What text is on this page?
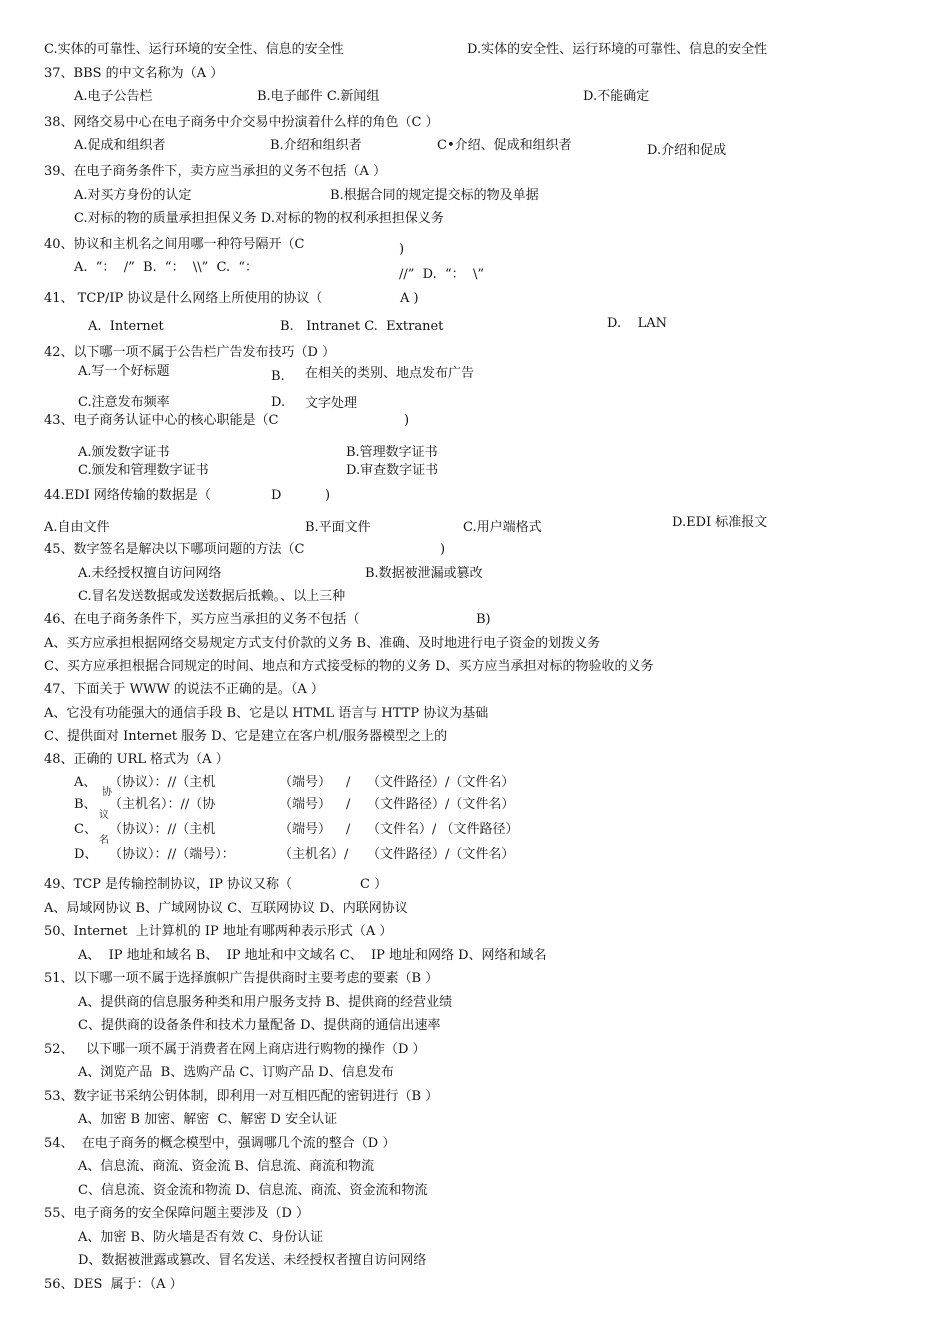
C.实体的可靠性、运行环境的安全性、信息的安全性	D.实体的安全性、运行环境的可靠性、信息的安全性
37、BBS 的中文名称为（A ）
A.电子公告栏	B.电子邮件 C.新闻组	D.不能确定
38、网络交易中心在电子商务中介交易中扮演着什么样的角色（C ）
A.促成和组织者	B.介绍和组织者	C•介绍、促成和组织者	D.介绍和促成
39、在电子商务条件下，卖方应当承担的义务不包括（A ）
A.对买方身份的认定	B.根据合同的规定提交标的物及单据
C.对标的物的质量承担担保义务 D.对标的物的权利承担担保义务
40、协议和主机名之间用哪一种符号隔开（C	)
A.  “：  /”  B.  “：  \\”  C.  “：	//”  D.  “：  \”
41、 TCP/IP 协议是什么网络上所使用的协议（	A )
A.  Internet	B.   Intranet C.  Extranet	D.    LAN
42、以下哪一项不属于公告栏广告发布技巧（D ）
A.写一个好标题	B. 在相关的类别、地点发布广告
C.注意发布频率	D. 文字处理
43、电子商务认证中心的核心职能是（C	)
A.颁发数字证书	B.管理数字证书
C.颁发和管理数字证书	D.审查数字证书
44.EDI 网络传输的数据是（	D	)
A.自由文件	B.平面文件	C.用户端格式	D.EDI 标准报文
45、数字签名是解决以下哪项问题的方法（C	)
A.未经授权擅自访问网络	B.数据被泄漏或篡改
C.冒名发送数据或发送数据后抵赖。、以上三种
46、在电子商务条件下，买方应当承担的义务不包括（	B)
A、买方应承担根据网络交易规定方式支付价款的义务 B、准确、及时地进行电子资金的划拨义务
C、买方应承担根据合同规定的时间、地点和方式接受标的物的义务 D、买方应当承担对标的物验收的义务
47、下面关于 WWW 的说法不正确的是。（A ）
A、它没有功能强大的通信手段 B、它是以 HTML 语言与 HTTP 协议为基础
C、提供面对 Internet 服务 D、它是建立在客户机/服务器模型之上的
48、正确的 URL 格式为（A ）
A、 （协议）：//（主机	（端号） / （文件路径）/（文件名）
B、
协
（主机名）：//（协	（端号） / （文件路径）/（文件名）
议
C、 （协议）：//（主机	（端号） / （文件名）/ （文件路径）
名
D、 （协议）：//（端号）：	（主机名）/ （文件路径）/（文件名）
49、TCP 是传输控制协议，IP 协议又称（	C ）
A、局域网协议 B、广域网协议 C、互联网协议 D、内联网协议
50、Internet  上计算机的 IP 地址有哪两种表示形式（A ）
A、  IP 地址和域名 B、  IP 地址和中文域名 C、  IP 地址和网络 D、网络和域名
51、以下哪一项不属于选择旗帜广告提供商时主要考虑的要素（B ）
A、提供商的信息服务种类和用户服务支持 B、提供商的经营业绩
C、提供商的设备条件和技术力量配备 D、提供商的通信出速率
52、   以下哪一项不属于消费者在网上商店进行购物的操作（D ）
A、浏览产品  B、选购产品 C、订购产品 D、信息发布
53、数字证书采纳公钥体制，即利用一对互相匹配的密钥进行（B ）
A、加密 B 加密、解密  C、解密 D 安全认证
54、  在电子商务的概念模型中，强调哪几个流的整合（D ）
A、信息流、商流、资金流 B、信息流、商流和物流
C、信息流、资金流和物流 D、信息流、商流、资金流和物流
55、电子商务的安全保障问题主要涉及（D ）
A、加密 B、防火墙是否有效 C、身份认证
D、数据被泄露或篡改、冒名发送、未经授权者擅自访问网络
56、DES  属于：（A ）
